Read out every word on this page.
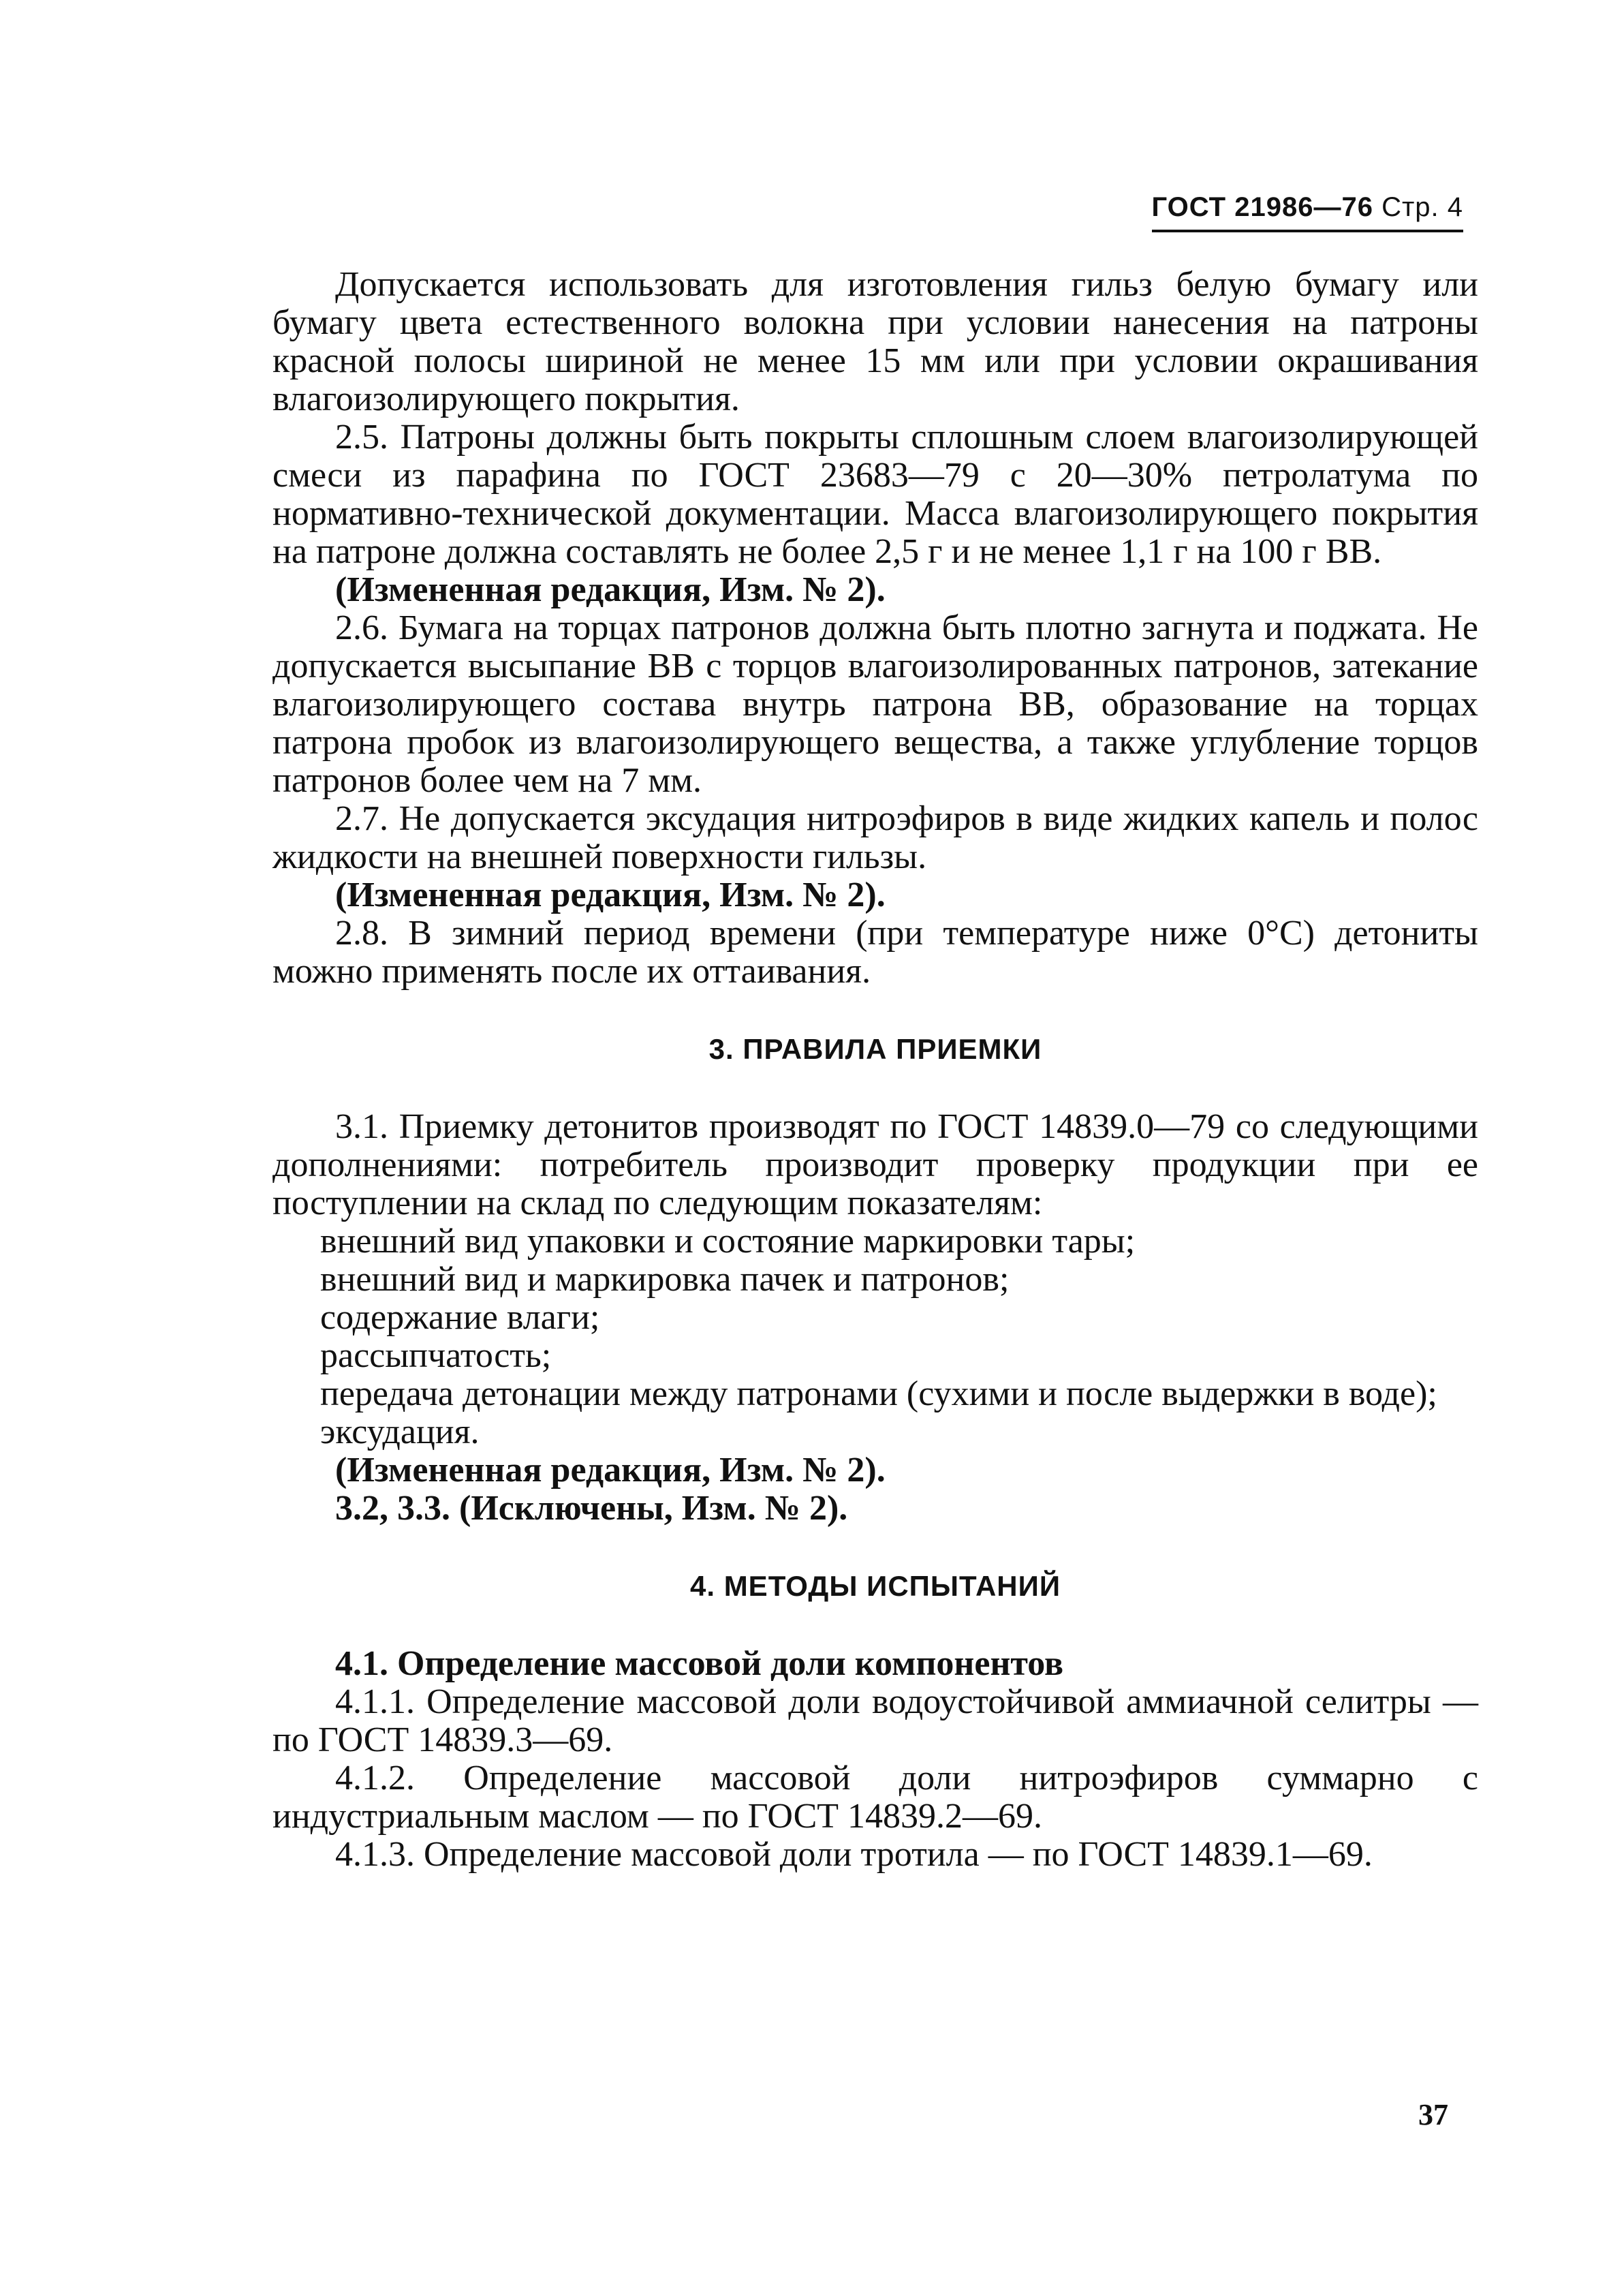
ГОСТ 21986—76 Стр. 4

Допускается использовать для изготовления гильз белую бумагу или бумагу цвета естественного волокна при условии нанесения на патроны красной полосы шириной не менее 15 мм или при условии окрашивания влагоизолирующего покрытия.

2.5. Патроны должны быть покрыты сплошным слоем влагоизолирующей смеси из парафина по ГОСТ 23683—79 с 20—30% петролатума по нормативно-технической документации. Масса влагоизолирующего покрытия на патроне должна составлять не более 2,5 г и не менее 1,1 г на 100 г ВВ.

(Измененная редакция, Изм. № 2).

2.6. Бумага на торцах патронов должна быть плотно загнута и поджата. Не допускается высыпание ВВ с торцов влагоизолированных патронов, затекание влагоизолирующего состава внутрь патрона ВВ, образование на торцах патрона пробок из влагоизолирующего вещества, а также углубление торцов патронов более чем на 7 мм.

2.7. Не допускается эксудация нитроэфиров в виде жидких капель и полос жидкости на внешней поверхности гильзы.

(Измененная редакция, Изм. № 2).

2.8. В зимний период времени (при температуре ниже 0°С) детониты можно применять после их оттаивания.

3. ПРАВИЛА ПРИЕМКИ

3.1. Приемку детонитов производят по ГОСТ 14839.0—79 со следующими дополнениями: потребитель производит проверку продукции при ее поступлении на склад по следующим показателям:

внешний вид упаковки и состояние маркировки тары;

внешний вид и маркировка пачек и патронов;

содержание влаги;

рассыпчатость;

передача детонации между патронами (сухими и после выдержки в воде);

эксудация.

(Измененная редакция, Изм. № 2).

3.2, 3.3. (Исключены, Изм. № 2).

4. МЕТОДЫ ИСПЫТАНИЙ

4.1. Определение массовой доли компонентов

4.1.1. Определение массовой доли водоустойчивой аммиачной селитры — по ГОСТ 14839.3—69.

4.1.2. Определение массовой доли нитроэфиров суммарно с индустриальным маслом — по ГОСТ 14839.2—69.

4.1.3. Определение массовой доли тротила — по ГОСТ 14839.1—69.

37
